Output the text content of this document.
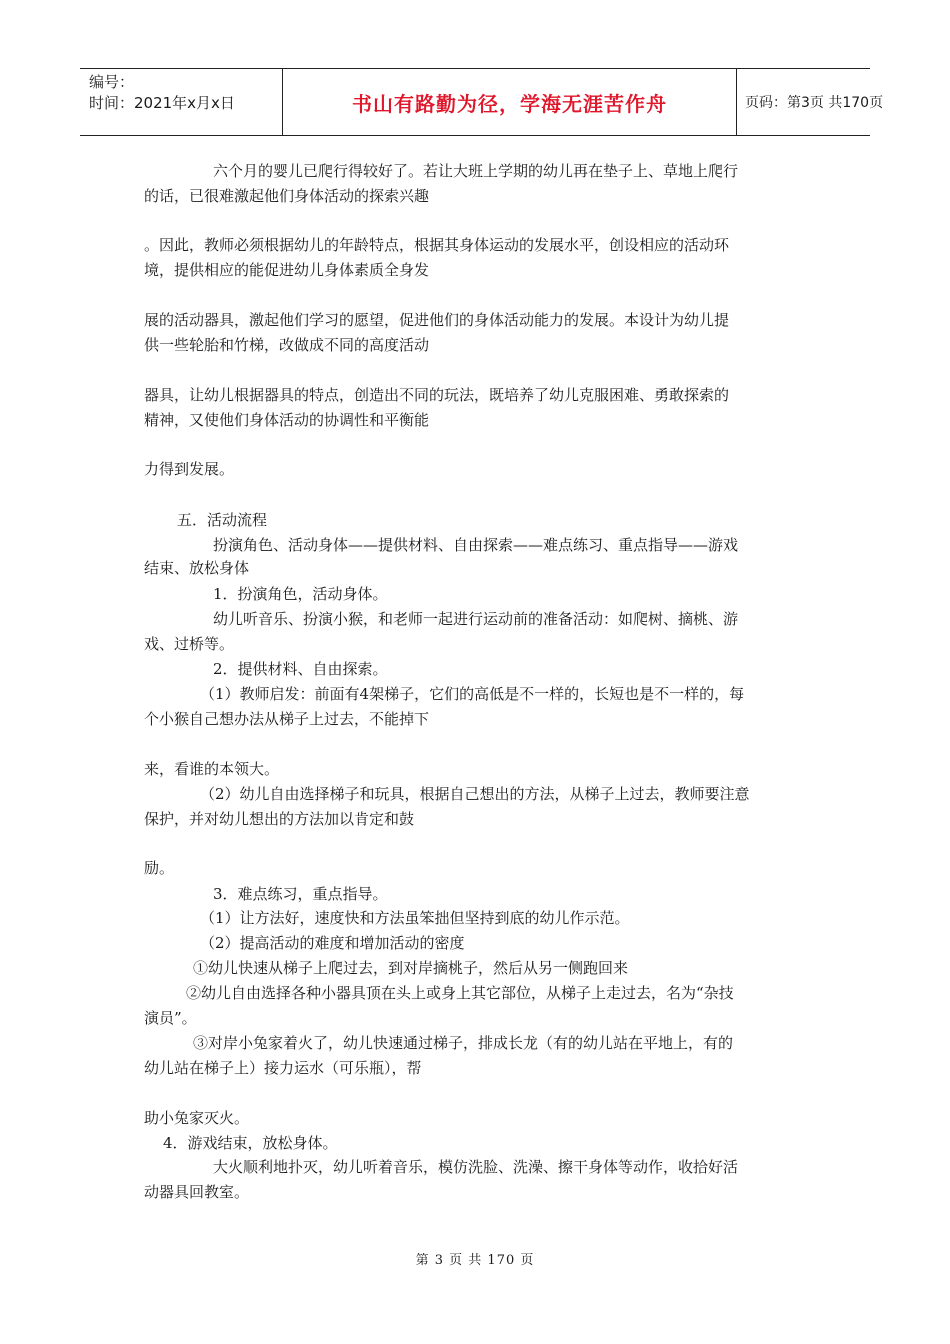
编号：
时间：2021年x月x日	书山有路勤为径，学海无涯苦作舟	页码：第3页 共170页
六个月的婴儿已爬行得较好了。若让大班上学期的幼儿再在垫子上、草地上爬行
的话，已很难激起他们身体活动的探索兴趣
。因此，教师必须根据幼儿的年龄特点，根据其身体运动的发展水平，创设相应的活动环
境，提供相应的能促进幼儿身体素质全身发
展的活动器具，激起他们学习的愿望，促进他们的身体活动能力的发展。本设计为幼儿提
供一些轮胎和竹梯，改做成不同的高度活动
器具，让幼儿根据器具的特点，创造出不同的玩法，既培养了幼儿克服困难、勇敢探索的
精神，又使他们身体活动的协调性和平衡能
力得到发展。
五．活动流程
扮演角色、活动身体——提供材料、自由探索——难点练习、重点指导——游戏
结束、放松身体
1．扮演角色，活动身体。
幼儿听音乐、扮演小猴，和老师一起进行运动前的准备活动：如爬树、摘桃、游
戏、过桥等。
2．提供材料、自由探索。
（1）教师启发：前面有4架梯子，它们的高低是不一样的，长短也是不一样的，每
个小猴自己想办法从梯子上过去，不能掉下
来，看谁的本领大。
（2）幼儿自由选择梯子和玩具，根据自己想出的方法，从梯子上过去，教师要注意
保护，并对幼儿想出的方法加以肯定和鼓
励。
3．难点练习，重点指导。
（1）让方法好，速度快和方法虽笨拙但坚持到底的幼儿作示范。
（2）提高活动的难度和增加活动的密度
①幼儿快速从梯子上爬过去，到对岸摘桃子，然后从另一侧跑回来
②幼儿自由选择各种小器具顶在头上或身上其它部位，从梯子上走过去，名为“杂技
演员”。
③对岸小兔家着火了，幼儿快速通过梯子，排成长龙（有的幼儿站在平地上，有的
幼儿站在梯子上）接力运水（可乐瓶），帮
助小兔家灭火。
4．游戏结束，放松身体。
大火顺利地扑灭，幼儿听着音乐，模仿洗脸、洗澡、擦干身体等动作，收拾好活
动器具回教室。
第 3 页 共 170 页
